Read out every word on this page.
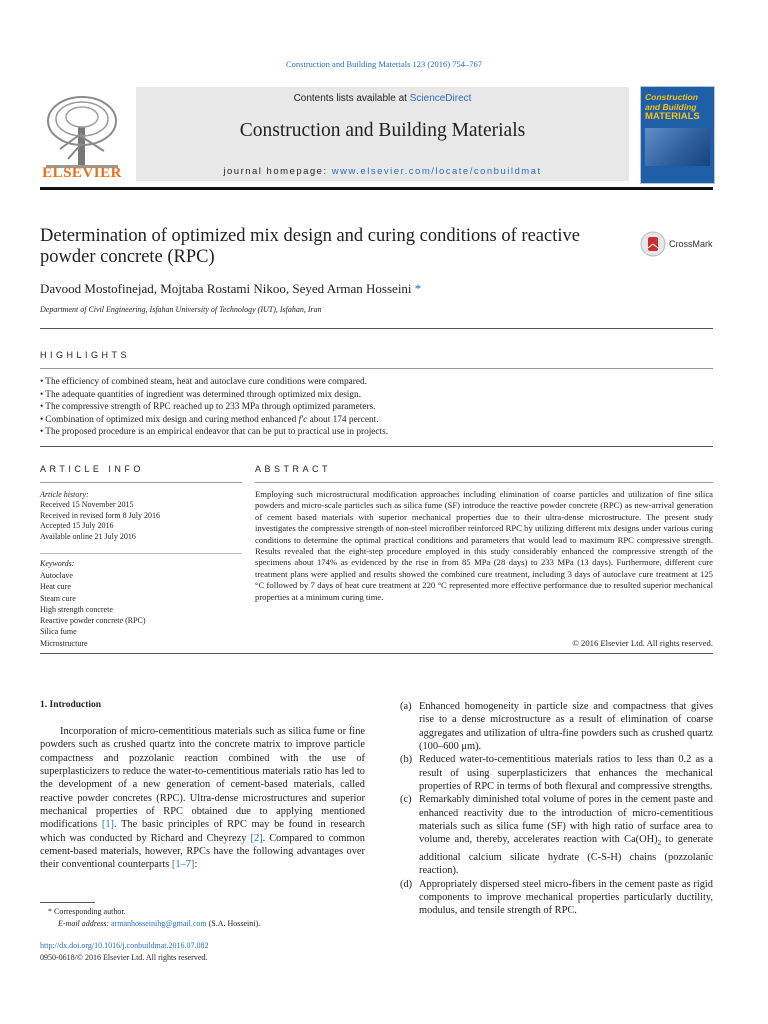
Construction and Building Materials 123 (2016) 754–767
ELSEVIER
Contents lists available at ScienceDirect
Construction and Building Materials
journal homepage: www.elsevier.com/locate/conbuildmat
Construction
and Building
MATERIALS
Determination of optimized mix design and curing conditions of reactive powder concrete (RPC)
CrossMark
Davood Mostofinejad, Mojtaba Rostami Nikoo, Seyed Arman Hosseini *
Department of Civil Engineering, Isfahan University of Technology (IUT), Isfahan, Iran
HIGHLIGHTS
• The efficiency of combined steam, heat and autoclave cure conditions were compared.
• The adequate quantities of ingredient was determined through optimized mix design.
• The compressive strength of RPC reached up to 233 MPa through optimized parameters.
• Combination of optimized mix design and curing method enhanced f′c about 174 percent.
• The proposed procedure is an empirical endeavor that can be put to practical use in projects.
ARTICLE INFO
Article history:
Received 15 November 2015
Received in revised form 8 July 2016
Accepted 15 July 2016
Available online 21 July 2016
Keywords:
Autoclave
Heat cure
Steam cure
High strength concrete
Reactive powder concrete (RPC)
Silica fume
Microstructure
ABSTRACT
Employing such microstructural modification approaches including elimination of coarse particles and utilization of fine silica powders and micro-scale particles such as silica fume (SF) introduce the reactive powder concrete (RPC) as new-arrival generation of cement based materials with superior mechanical properties due to their ultra-dense microstructure. The present study investigates the compressive strength of non-steel microfiber reinforced RPC by utilizing different mix designs under various curing conditions to determine the optimal practical conditions and parameters that would lead to maximum RPC compressive strength. Results revealed that the eight-step procedure employed in this study considerably enhanced the compressive strength of the specimens about 174% as evidenced by the rise in from 85 MPa (28 days) to 233 MPa (13 days). Furthermore, different cure treatment plans were applied and results showed the combined cure treatment, including 3 days of autoclave cure treatment at 125 °C followed by 7 days of heat cure treatment at 220 °C represented more effective performance due to resulted superior mechanical properties at a minimum curing time.
© 2016 Elsevier Ltd. All rights reserved.
1. Introduction
Incorporation of micro-cementitious materials such as silica fume or fine powders such as crushed quartz into the concrete matrix to improve particle compactness and pozzolanic reaction combined with the use of superplasticizers to reduce the water-to-cementitious materials ratio has led to the development of a new generation of cement-based materials, called reactive powder concretes (RPC). Ultra-dense microstructures and superior mechanical properties of RPC obtained due to applying mentioned modifications [1]. The basic principles of RPC may be found in research which was conducted by Richard and Cheyrezy [2]. Compared to common cement-based materials, however, RPCs have the following advantages over their conventional counterparts [1–7]:
(a) Enhanced homogeneity in particle size and compactness that gives rise to a dense microstructure as a result of elimination of coarse aggregates and utilization of ultra-fine powders such as crushed quartz (100–600 μm).
(b) Reduced water-to-cementitious materials ratios to less than 0.2 as a result of using superplasticizers that enhances the mechanical properties of RPC in terms of both flexural and compressive strengths.
(c) Remarkably diminished total volume of pores in the cement paste and enhanced reactivity due to the introduction of micro-cementitious materials such as silica fume (SF) with high ratio of surface area to volume and, thereby, accelerates reaction with $Ca(OH)_2$ to generate additional calcium silicate hydrate (C-S-H) chains (pozzolanic reaction).
(d) Appropriately dispersed steel micro-fibers in the cement paste as rigid components to improve mechanical properties particularly ductility, modulus, and tensile strength of RPC.
* Corresponding author.
E-mail address: armanhosseinihg@gmail.com (S.A. Hosseini).
http://dx.doi.org/10.1016/j.conbuildmat.2016.07.082
0950-0618/© 2016 Elsevier Ltd. All rights reserved.
